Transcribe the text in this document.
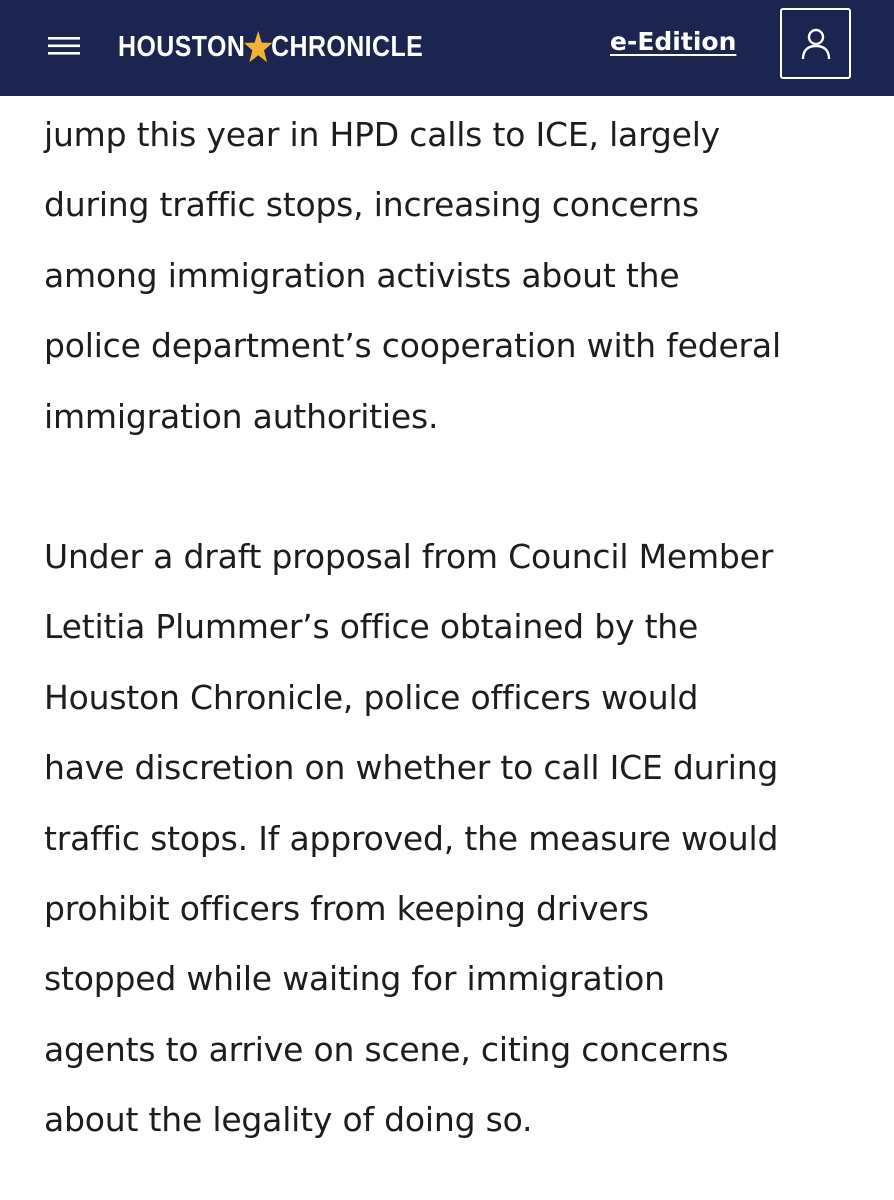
HOUSTON CHRONICLE	e-Edition

jump this year in HPD calls to ICE, largely
during traffic stops, increasing concerns
among immigration activists about the
police department’s cooperation with federal
immigration authorities.

Under a draft proposal from Council Member
Letitia Plummer’s office obtained by the
Houston Chronicle, police officers would
have discretion on whether to call ICE during
traffic stops. If approved, the measure would
prohibit officers from keeping drivers
stopped while waiting for immigration
agents to arrive on scene, citing concerns
about the legality of doing so.
